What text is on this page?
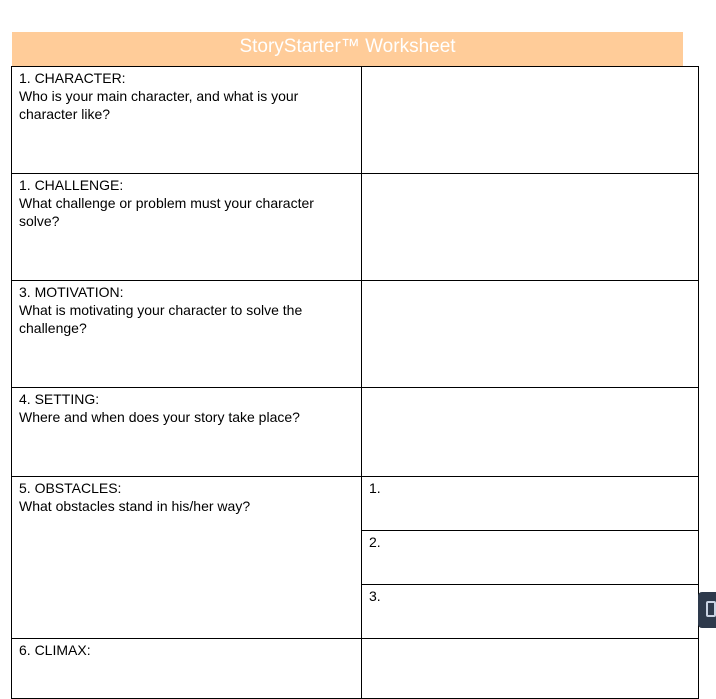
StoryStarter™ Worksheet
1. CHARACTER:
Who is your main character, and what is your character like?	

1. CHALLENGE:
What challenge or problem must your character solve?	

3. MOTIVATION:
What is motivating your character to solve the challenge?	

4. SETTING:
Where and when does your story take place?	

5. OBSTACLES:
What obstacles stand in his/her way?	1.
	2.
	3.

6. CLIMAX:	
